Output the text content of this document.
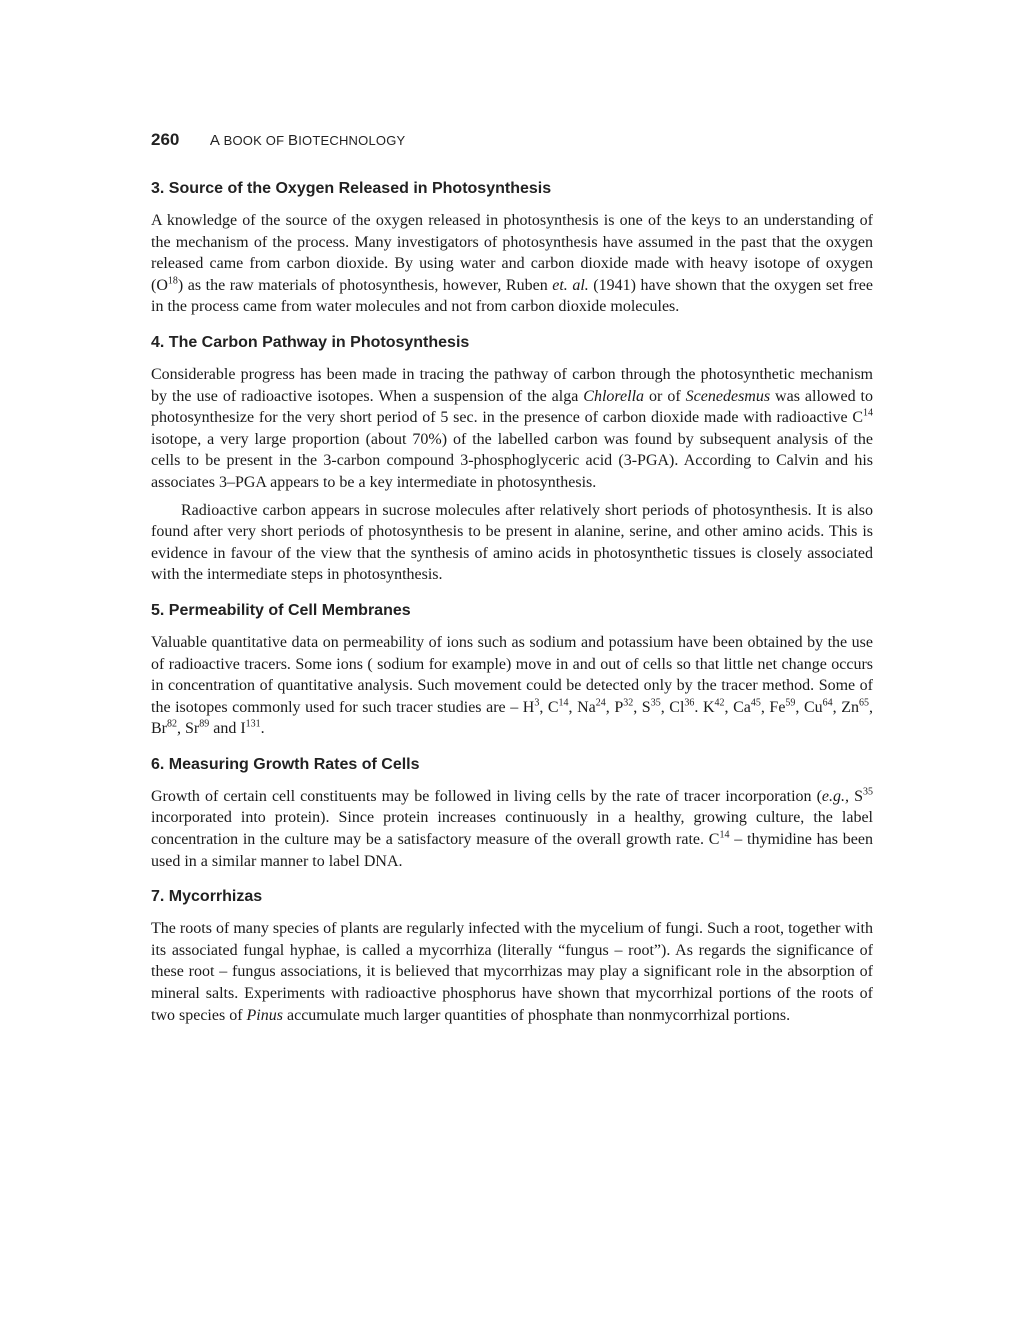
260 A BOOK OF BIOTECHNOLOGY
3. Source of the Oxygen Released in Photosynthesis

A knowledge of the source of the oxygen released in photosynthesis is one of the keys to an understanding of the mechanism of the process. Many investigators of photosynthesis have assumed in the past that the oxygen released came from carbon dioxide. By using water and carbon dioxide made with heavy isotope of oxygen $(O^{18})$ as the raw materials of photosynthesis, however, Ruben et. al. (1941) have shown that the oxygen set free in the process came from water molecules and not from carbon dioxide molecules.

4. The Carbon Pathway in Photosynthesis

Considerable progress has been made in tracing the pathway of carbon through the photosynthetic mechanism by the use of radioactive isotopes. When a suspension of the alga Chlorella or of Scenedesmus was allowed to photosynthesize for the very short period of 5 sec. in the presence of carbon dioxide made with radioactive $C^{14}$ isotope, a very large proportion (about 70%) of the labelled carbon was found by subsequent analysis of the cells to be present in the 3-carbon compound 3-phosphoglyceric acid (3-PGA). According to Calvin and his associates 3–PGA appears to be a key intermediate in photosynthesis.

Radioactive carbon appears in sucrose molecules after relatively short periods of photosynthesis. It is also found after very short periods of photosynthesis to be present in alanine, serine, and other amino acids. This is evidence in favour of the view that the synthesis of amino acids in photosynthetic tissues is closely associated with the intermediate steps in photosynthesis.

5. Permeability of Cell Membranes

Valuable quantitative data on permeability of ions such as sodium and potassium have been obtained by the use of radioactive tracers. Some ions ( sodium for example) move in and out of cells so that little net change occurs in concentration of quantitative analysis. Such movement could be detected only by the tracer method. Some of the isotopes commonly used for such tracer studies are – $H^3$, $C^{14}$, Na$^{24}$, $P^{32}$, $S^{35}$, Cl$^{36}$. $K^{42}$, Ca$^{45}$, Fe$^{59}$, Cu$^{64}$, Zn$^{65}$, Br$^{82}$, Sr$^{89}$ and $I^{131}$.

6. Measuring Growth Rates of Cells

Growth of certain cell constituents may be followed in living cells by the rate of tracer incorporation (e.g., $S^{35}$ incorporated into protein). Since protein increases continuously in a healthy, growing culture, the label concentration in the culture may be a satisfactory measure of the overall growth rate. $C^{14}$ – thymidine has been used in a similar manner to label DNA.

7. Mycorrhizas

The roots of many species of plants are regularly infected with the mycelium of fungi. Such a root, together with its associated fungal hyphae, is called a mycorrhiza (literally “fungus – root”). As regards the significance of these root – fungus associations, it is believed that mycorrhizas may play a significant role in the absorption of mineral salts. Experiments with radioactive phosphorus have shown that mycorrhizal portions of the roots of two species of Pinus accumulate much larger quantities of phosphate than nonmycorrhizal portions.
